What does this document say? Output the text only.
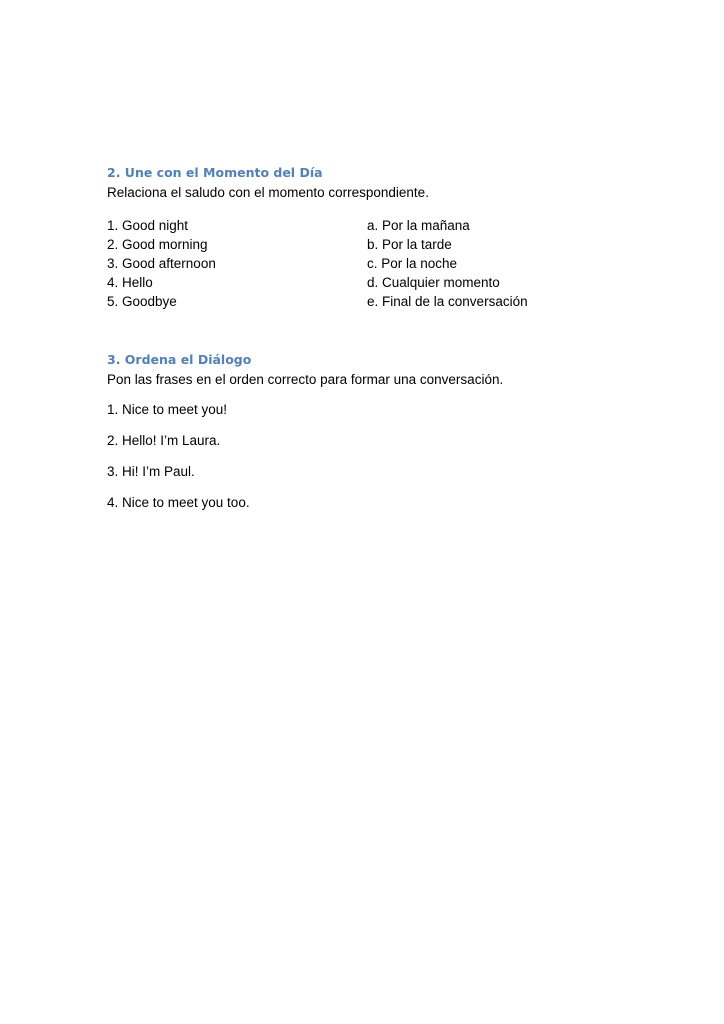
2. Une con el Momento del Día

Relaciona el saludo con el momento correspondiente.

1. Good night
2. Good morning
3. Good afternoon
4. Hello
5. Goodbye
a. Por la mañana
b. Por la tarde
c. Por la noche
d. Cualquier momento
e. Final de la conversación
3. Ordena el Diálogo

Pon las frases en el orden correcto para formar una conversación.

1. Nice to meet you!
2. Hello! I’m Laura.
3. Hi! I’m Paul.
4. Nice to meet you too.
